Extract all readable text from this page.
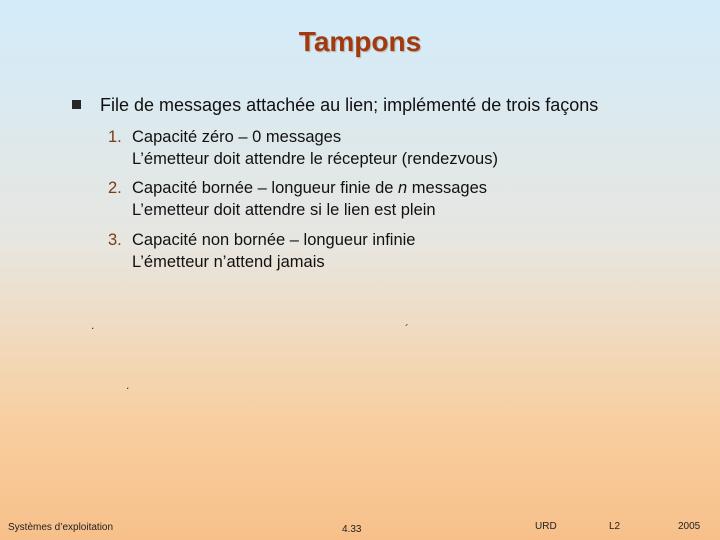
Tampons
File de messages attachée au lien; implémenté de trois façons
1. Capacité zéro – 0 messages
L’émetteur doit attendre le récepteur (rendezvous)
2. Capacité bornée – longueur finie de n messages
L’emetteur doit attendre si le lien est plein
3. Capacité non bornée – longueur infinie
L’émetteur n’attend jamais
.	´
.
Systèmes d’exploitation	4.33	URD	L2	2005
